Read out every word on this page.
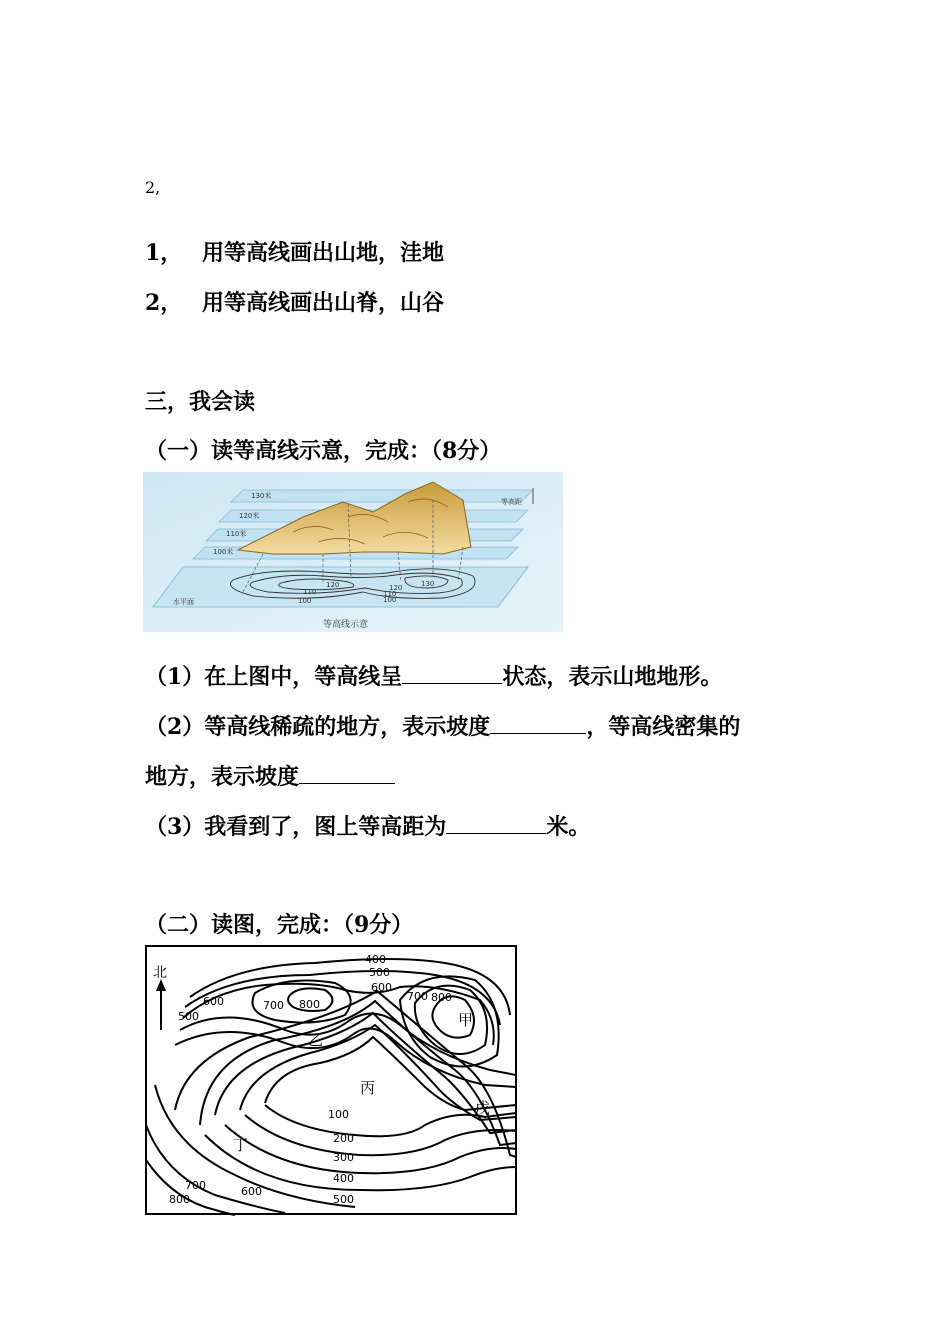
2,
1， 用等高线画出山地，洼地
2， 用等高线画出山脊，山谷
三，我会读
（一）读等高线示意，完成：（8分）
130米
120米
110米
100米
等高距
水平面
120
110
100
130
120
110
100
等高线示意
（1）在上图中，等高线呈	状态，表示山地地形。
（2）等高线稀疏的地方，表示坡度	，等高线密集的
地方，表示坡度
（3）我看到了，图上等高距为	米。
（二）读图，完成：（9分）
北
甲
乙
丙
丁
戊
400
500
600
700 800
600
500
700 800
100
200
300
400
500
700
800
600
